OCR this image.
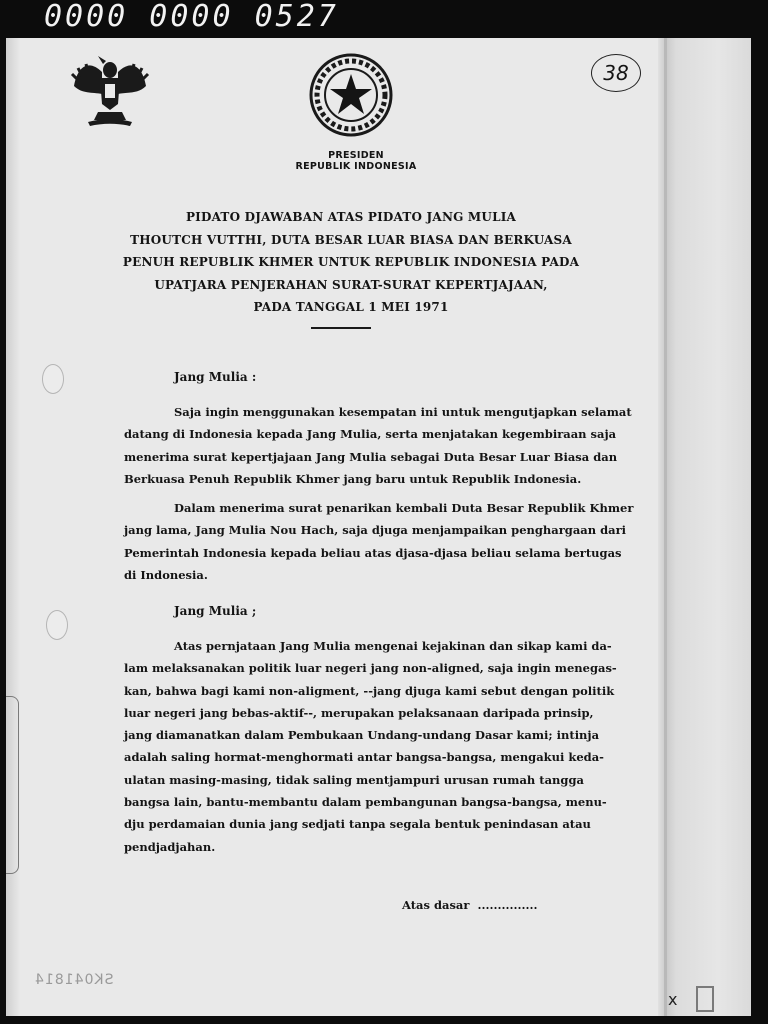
0000 0000 0527
38
PRESIDEN
REPUBLIK INDONESIA
PIDATO DJAWABAN ATAS PIDATO JANG MULIA
THOUTCH VUTTHI, DUTA BESAR LUAR BIASA DAN BERKUASA
PENUH REPUBLIK KHMER UNTUK REPUBLIK INDONESIA PADA
UPATJARA PENJERAHAN SURAT-SURAT KEPERTJAJAAN,
PADA TANGGAL 1 MEI 1971
Jang Mulia :
Saja ingin menggunakan kesempatan ini untuk mengutjapkan selamat
datang di Indonesia kepada Jang Mulia, serta menjatakan kegembiraan saja
menerima surat kepertjajaan Jang Mulia sebagai Duta Besar Luar Biasa dan
Berkuasa Penuh Republik Khmer jang baru untuk Republik Indonesia.
Dalam menerima surat penarikan kembali Duta Besar Republik Khmer
jang lama, Jang Mulia Nou Hach, saja djuga menjampaikan penghargaan dari
Pemerintah Indonesia kepada beliau atas djasa-djasa beliau selama bertugas
di Indonesia.
Jang Mulia ;
Atas pernjataan Jang Mulia mengenai kejakinan dan sikap kami da-
lam melaksanakan politik luar negeri jang non-aligned, saja ingin menegas-
kan, bahwa bagi kami non-aligment, --jang djuga kami sebut dengan politik
luar negeri jang bebas-aktif--, merupakan pelaksanaan daripada prinsip,
jang diamanatkan dalam Pembukaan Undang-undang Dasar kami; intinja
adalah saling hormat-menghormati antar bangsa-bangsa, mengakui keda-
ulatan masing-masing, tidak saling mentjampuri urusan rumah tangga
bangsa lain, bantu-membantu dalam pembangunan bangsa-bangsa, menu-
dju perdamaian dunia jang sedjati tanpa segala bentuk penindasan atau
pendjadjahan.
Atas dasar  ...............
SK041814
x
